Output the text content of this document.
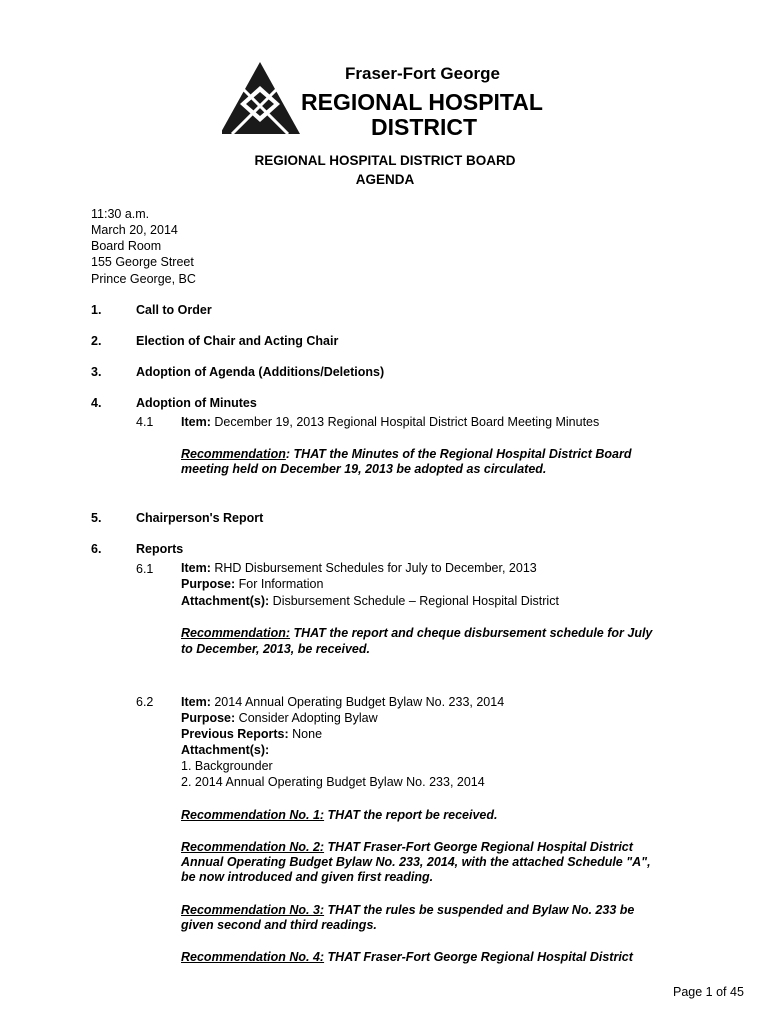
Fraser-Fort George
REGIONAL HOSPITAL
DISTRICT
REGIONAL HOSPITAL DISTRICT BOARD
AGENDA
11:30 a.m.
March 20, 2014
Board Room
155 George Street
Prince George, BC
1.	Call to Order
2.	Election of Chair and Acting Chair
3.	Adoption of Agenda (Additions/Deletions)
4.	Adoption of Minutes
4.1 Item: December 19, 2013 Regional Hospital District Board Meeting Minutes
Recommendation: THAT the Minutes of the Regional Hospital District Board
meeting held on December 19, 2013 be adopted as circulated.
5.	Chairperson's Report
6.	Reports
6.1 Item: RHD Disbursement Schedules for July to December, 2013
Purpose: For Information
Attachment(s): Disbursement Schedule – Regional Hospital District
Recommendation: THAT the report and cheque disbursement schedule for July
to December, 2013, be received.
6.2 Item: 2014 Annual Operating Budget Bylaw No. 233, 2014
Purpose: Consider Adopting Bylaw
Previous Reports: None
Attachment(s):
1. Backgrounder
2. 2014 Annual Operating Budget Bylaw No. 233, 2014
Recommendation No. 1: THAT the report be received.
Recommendation No. 2: THAT Fraser-Fort George Regional Hospital District
Annual Operating Budget Bylaw No. 233, 2014, with the attached Schedule "A",
be now introduced and given first reading.
Recommendation No. 3: THAT the rules be suspended and Bylaw No. 233 be
given second and third readings.
Recommendation No. 4: THAT Fraser-Fort George Regional Hospital District
Page 1 of 45
